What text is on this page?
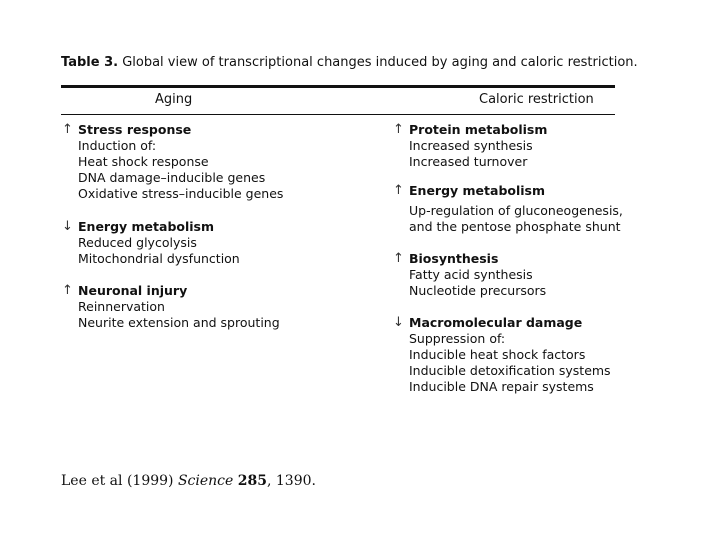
Table 3. Global view of transcriptional changes induced by aging and caloric restriction.
Aging	Caloric restriction
↑ Stress response
Induction of:
Heat shock response
DNA damage–inducible genes
Oxidative stress–inducible genes
↓ Energy metabolism
Reduced glycolysis
Mitochondrial dysfunction
↑ Neuronal injury
Reinnervation
Neurite extension and sprouting
↑ Protein metabolism
Increased synthesis
Increased turnover
↑ Energy metabolism
Up-regulation of gluconeogenesis,
and the pentose phosphate shunt
↑ Biosynthesis
Fatty acid synthesis
Nucleotide precursors
↓ Macromolecular damage
Suppression of:
Inducible heat shock factors
Inducible detoxification systems
Inducible DNA repair systems
Lee et al (1999) Science 285, 1390.
